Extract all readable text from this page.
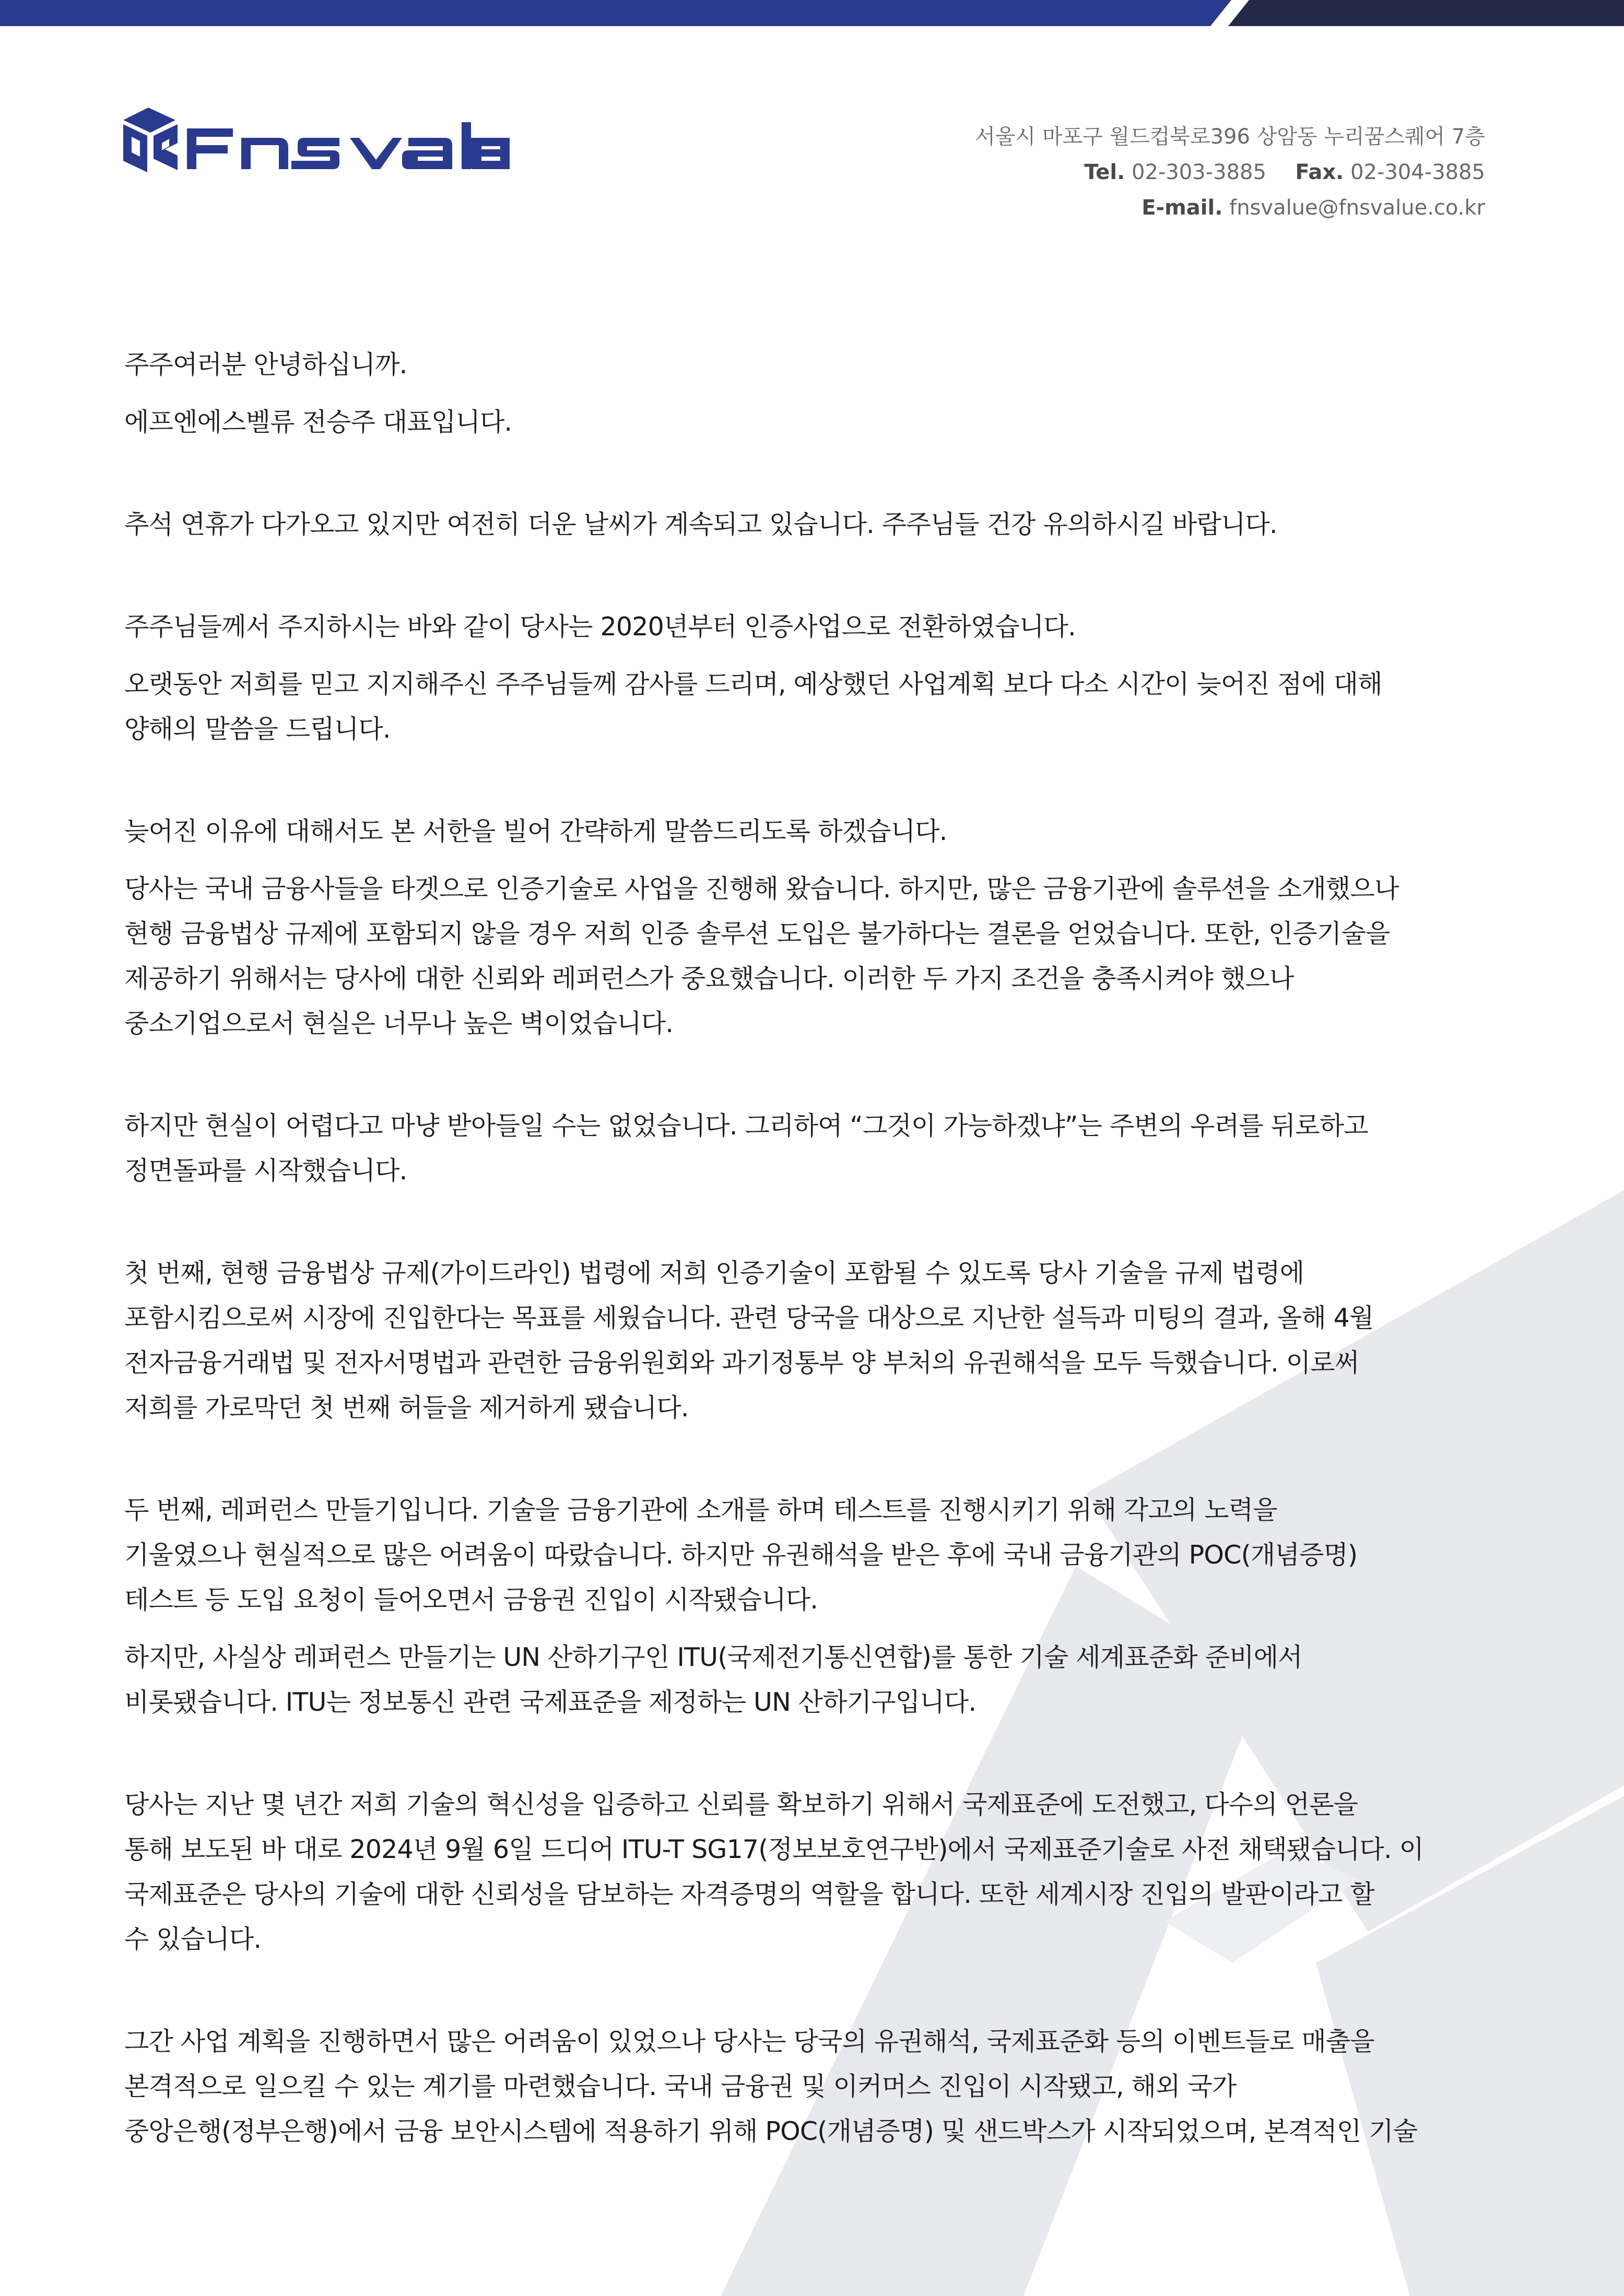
서울시 마포구 월드컵북로396 상암동 누리꿈스퀘어 7층
Tel. 02-303-3885 Fax. 02-304-3885
E-mail. fnsvalue@fnsvalue.co.kr

주주여러분 안녕하십니까.

에프엔에스벨류 전승주 대표입니다.

추석 연휴가 다가오고 있지만 여전히 더운 날씨가 계속되고 있습니다. 주주님들 건강 유의하시길 바랍니다.

주주님들께서 주지하시는 바와 같이 당사는 2020년부터 인증사업으로 전환하였습니다.

오랫동안 저희를 믿고 지지해주신 주주님들께 감사를 드리며, 예상했던 사업계획 보다 다소 시간이 늦어진 점에 대해
양해의 말씀을 드립니다.

늦어진 이유에 대해서도 본 서한을 빌어 간략하게 말씀드리도록 하겠습니다.

당사는 국내 금융사들을 타겟으로 인증기술로 사업을 진행해 왔습니다. 하지만, 많은 금융기관에 솔루션을 소개했으나
현행 금융법상 규제에 포함되지 않을 경우 저희 인증 솔루션 도입은 불가하다는 결론을 얻었습니다. 또한, 인증기술을
제공하기 위해서는 당사에 대한 신뢰와 레퍼런스가 중요했습니다. 이러한 두 가지 조건을 충족시켜야 했으나
중소기업으로서 현실은 너무나 높은 벽이었습니다.

하지만 현실이 어렵다고 마냥 받아들일 수는 없었습니다. 그리하여 “그것이 가능하겠냐”는 주변의 우려를 뒤로하고
정면돌파를 시작했습니다.

첫 번째, 현행 금융법상 규제(가이드라인) 법령에 저희 인증기술이 포함될 수 있도록 당사 기술을 규제 법령에
포함시킴으로써 시장에 진입한다는 목표를 세웠습니다. 관련 당국을 대상으로 지난한 설득과 미팅의 결과, 올해 4월
전자금융거래법 및 전자서명법과 관련한 금융위원회와 과기정통부 양 부처의 유권해석을 모두 득했습니다. 이로써
저희를 가로막던 첫 번째 허들을 제거하게 됐습니다.

두 번째, 레퍼런스 만들기입니다. 기술을 금융기관에 소개를 하며 테스트를 진행시키기 위해 각고의 노력을
기울였으나 현실적으로 많은 어려움이 따랐습니다. 하지만 유권해석을 받은 후에 국내 금융기관의 POC(개념증명)
테스트 등 도입 요청이 들어오면서 금융권 진입이 시작됐습니다.

하지만, 사실상 레퍼런스 만들기는 UN 산하기구인 ITU(국제전기통신연합)를 통한 기술 세계표준화 준비에서
비롯됐습니다. ITU는 정보통신 관련 국제표준을 제정하는 UN 산하기구입니다.

당사는 지난 몇 년간 저희 기술의 혁신성을 입증하고 신뢰를 확보하기 위해서 국제표준에 도전했고, 다수의 언론을
통해 보도된 바 대로 2024년 9월 6일 드디어 ITU-T SG17(정보보호연구반)에서 국제표준기술로 사전 채택됐습니다. 이
국제표준은 당사의 기술에 대한 신뢰성을 담보하는 자격증명의 역할을 합니다. 또한 세계시장 진입의 발판이라고 할
수 있습니다.

그간 사업 계획을 진행하면서 많은 어려움이 있었으나 당사는 당국의 유권해석, 국제표준화 등의 이벤트들로 매출을
본격적으로 일으킬 수 있는 계기를 마련했습니다. 국내 금융권 및 이커머스 진입이 시작됐고, 해외 국가
중앙은행(정부은행)에서 금융 보안시스템에 적용하기 위해 POC(개념증명) 및 샌드박스가 시작되었으며, 본격적인 기술
